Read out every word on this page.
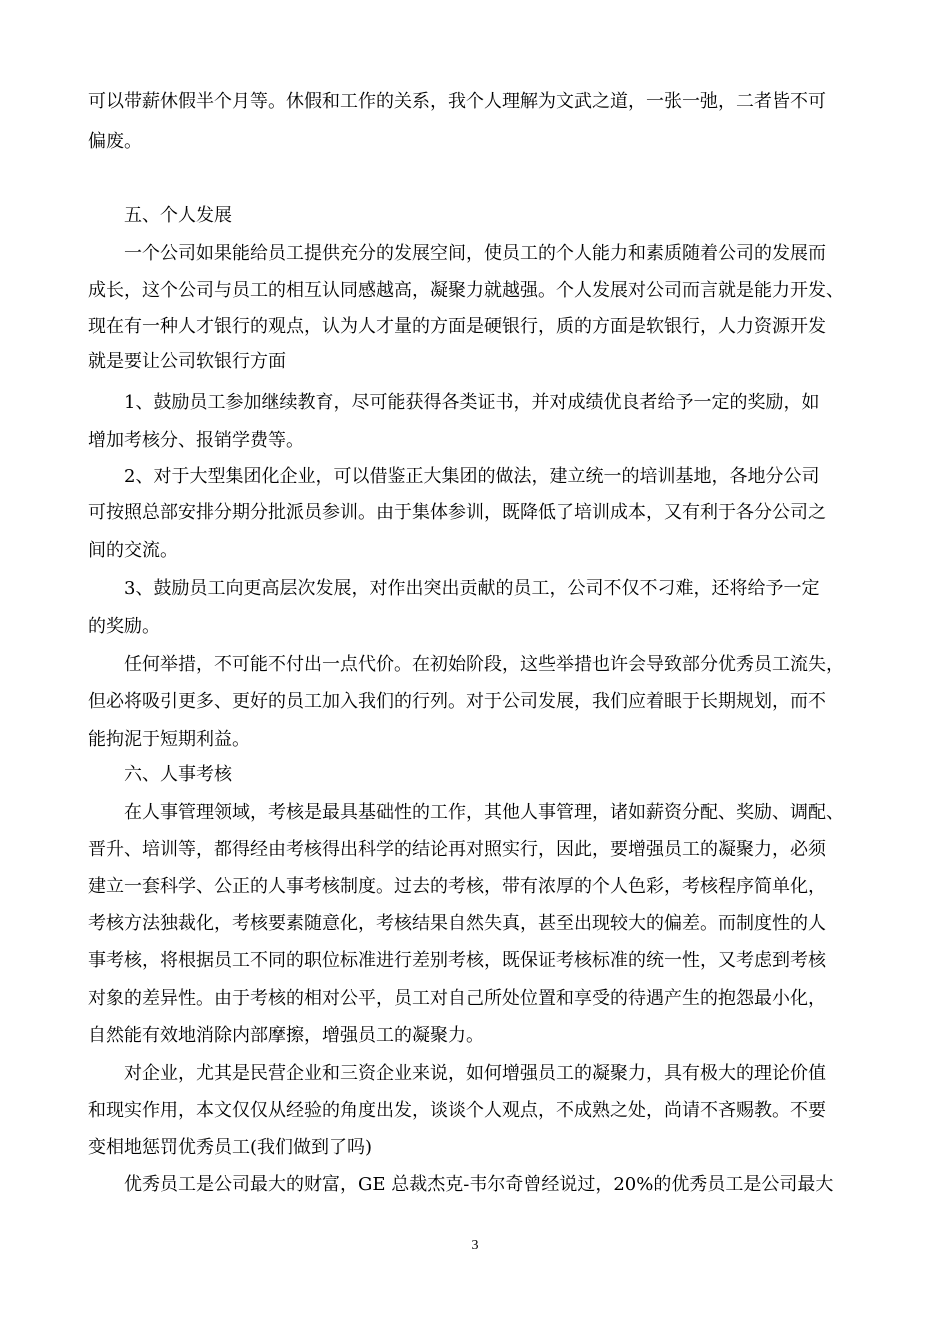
可以带薪休假半个月等。休假和工作的关系，我个人理解为文武之道，一张一弛，二者皆不可

偏废。

五、个人发展

一个公司如果能给员工提供充分的发展空间，使员工的个人能力和素质随着公司的发展而

成长，这个公司与员工的相互认同感越高，凝聚力就越强。个人发展对公司而言就是能力开发、

现在有一种人才银行的观点，认为人才量的方面是硬银行，质的方面是软银行，人力资源开发

就是要让公司软银行方面

1、鼓励员工参加继续教育，尽可能获得各类证书，并对成绩优良者给予一定的奖励，如

增加考核分、报销学费等。

2、对于大型集团化企业，可以借鉴正大集团的做法，建立统一的培训基地，各地分公司

可按照总部安排分期分批派员参训。由于集体参训，既降低了培训成本，又有利于各分公司之

间的交流。

3、鼓励员工向更高层次发展，对作出突出贡献的员工，公司不仅不刁难，还将给予一定

的奖励。

任何举措，不可能不付出一点代价。在初始阶段，这些举措也许会导致部分优秀员工流失，

但必将吸引更多、更好的员工加入我们的行列。对于公司发展，我们应着眼于长期规划，而不

能拘泥于短期利益。

六、人事考核

在人事管理领域，考核是最具基础性的工作，其他人事管理，诸如薪资分配、奖励、调配、

晋升、培训等，都得经由考核得出科学的结论再对照实行，因此，要增强员工的凝聚力，必须

建立一套科学、公正的人事考核制度。过去的考核，带有浓厚的个人色彩，考核程序简单化，

考核方法独裁化，考核要素随意化，考核结果自然失真，甚至出现较大的偏差。而制度性的人

事考核，将根据员工不同的职位标准进行差别考核，既保证考核标准的统一性，又考虑到考核

对象的差异性。由于考核的相对公平，员工对自己所处位置和享受的待遇产生的抱怨最小化，

自然能有效地消除内部摩擦，增强员工的凝聚力。

对企业，尤其是民营企业和三资企业来说，如何增强员工的凝聚力，具有极大的理论价值

和现实作用，本文仅仅从经验的角度出发，谈谈个人观点，不成熟之处，尚请不吝赐教。不要

变相地惩罚优秀员工(我们做到了吗)

优秀员工是公司最大的财富，GE 总裁杰克-韦尔奇曾经说过，20%的优秀员工是公司最大

3
